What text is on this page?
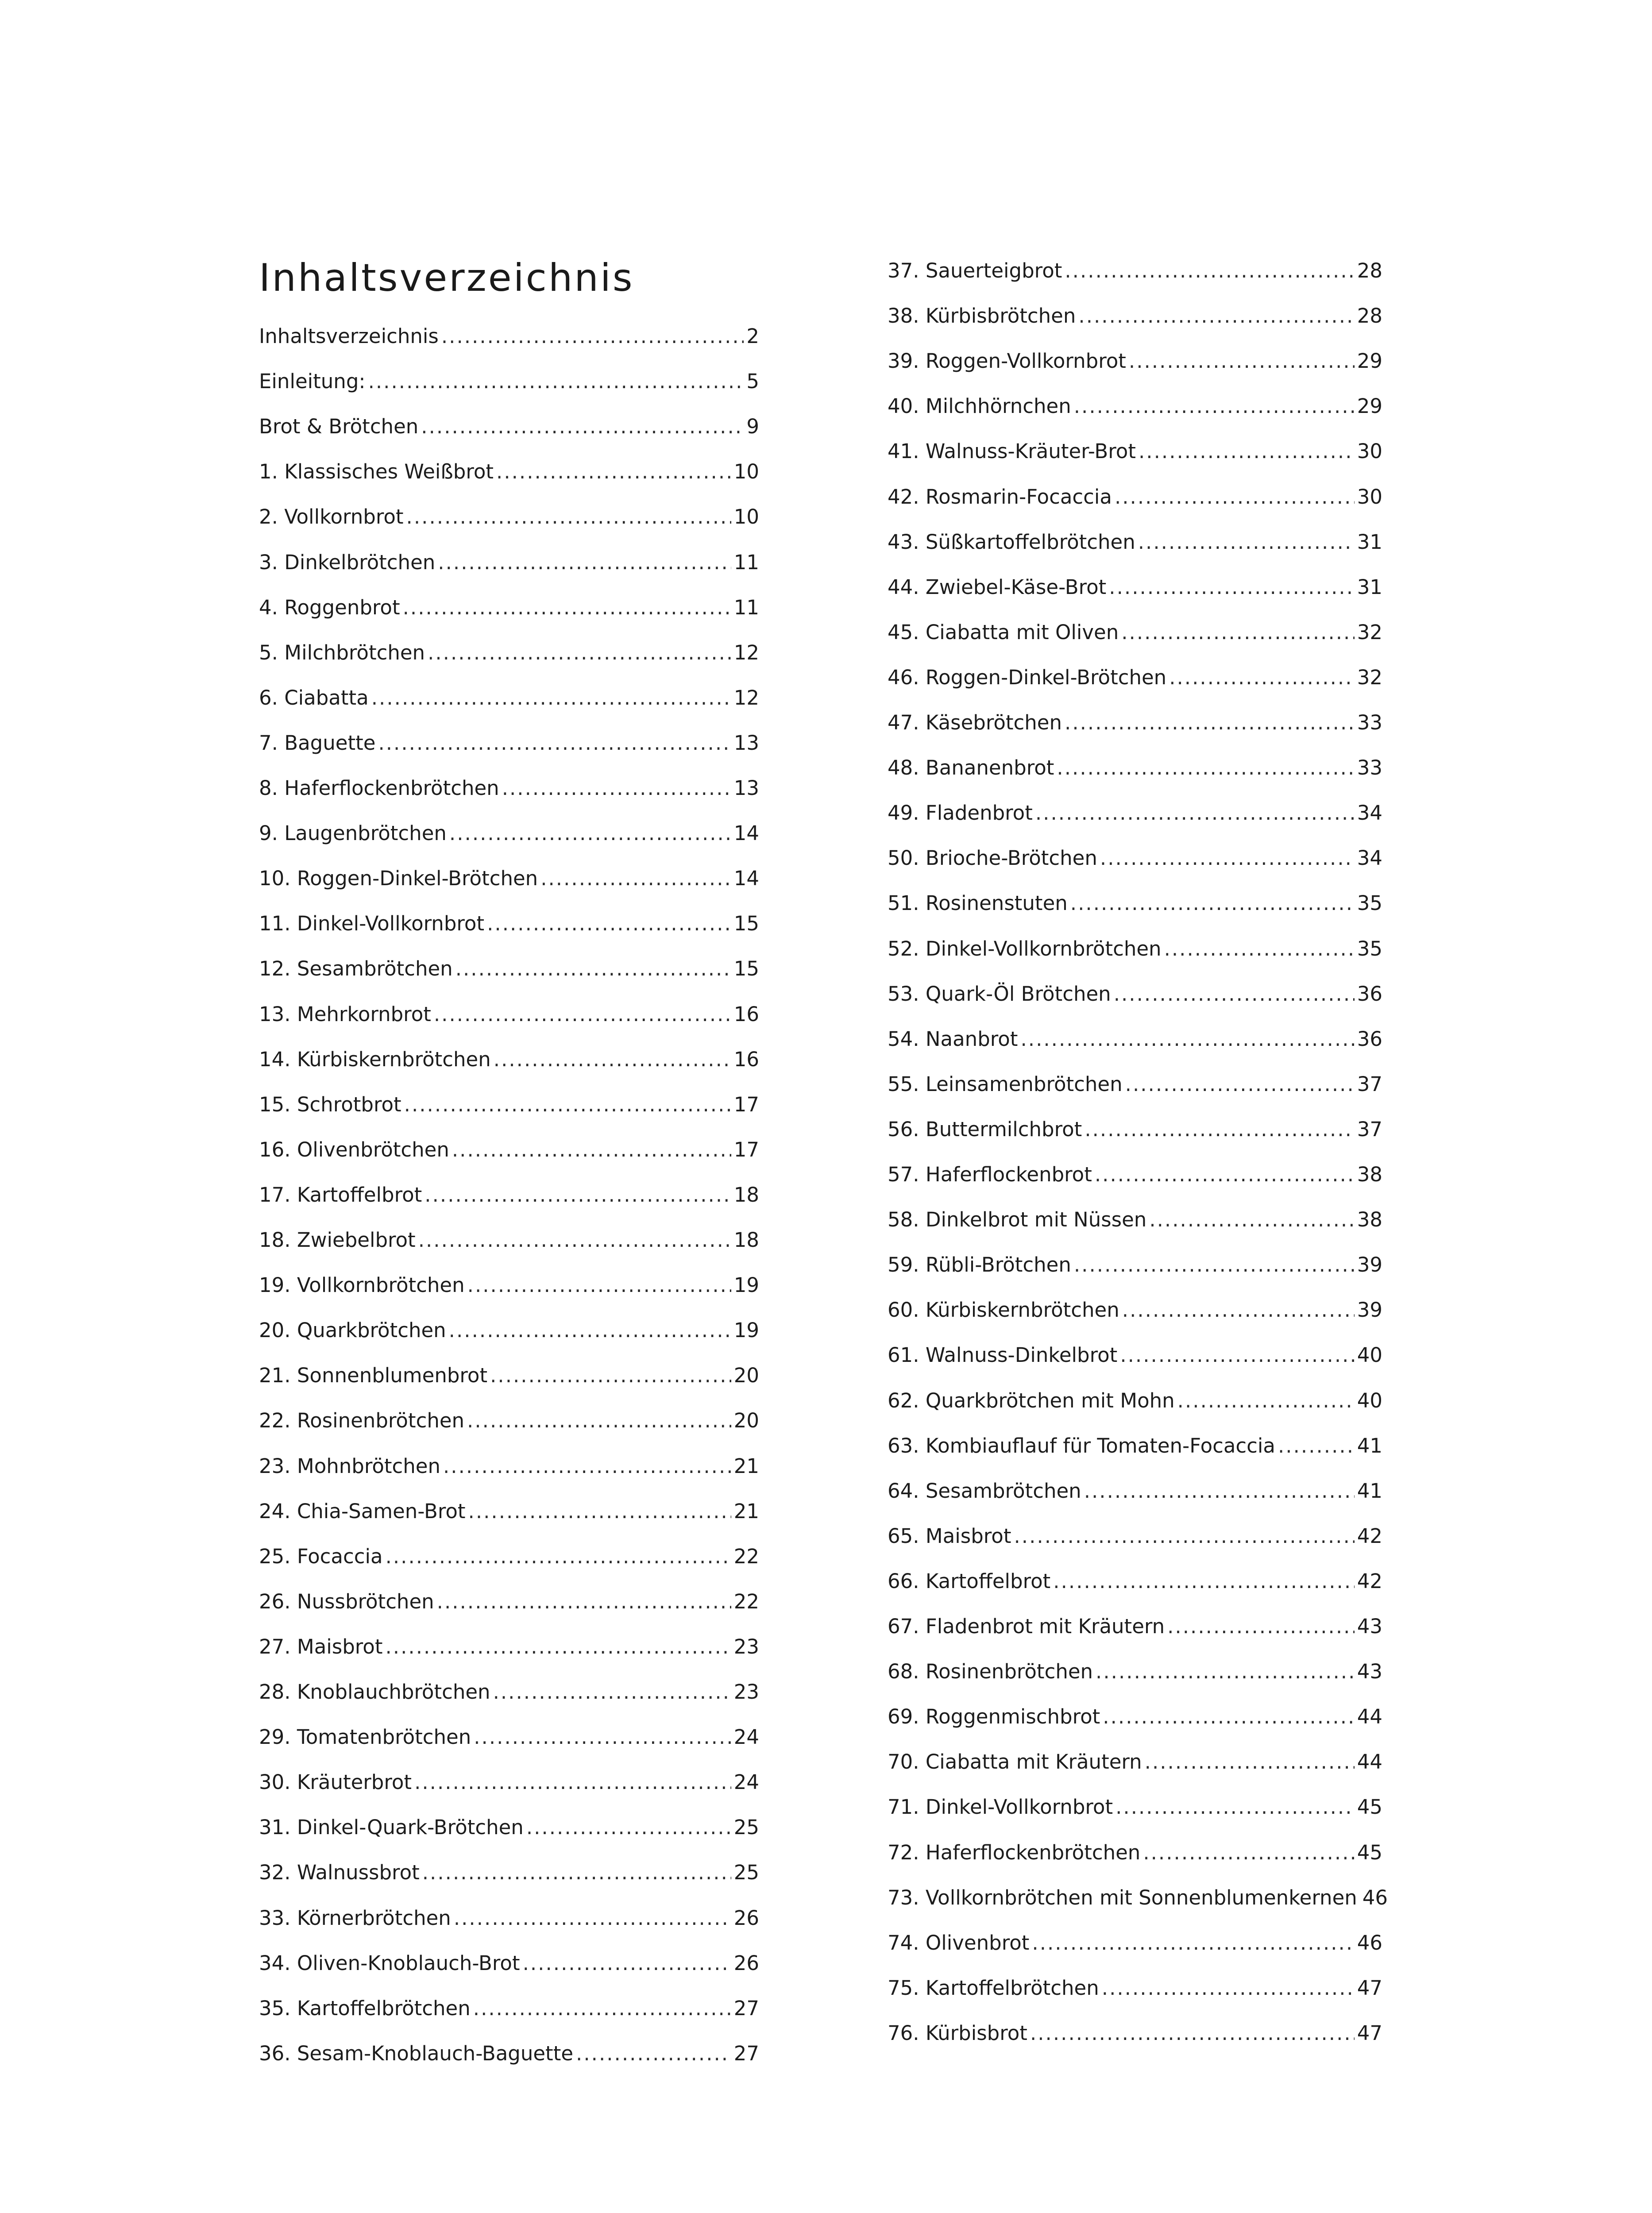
Inhaltsverzeichnis
Inhaltsverzeichnis .....	2
Einleitung: .....	5
Brot & Brötchen .....	9
1. Klassisches Weißbrot .....	10
2. Vollkornbrot .....	10
3. Dinkelbrötchen .....	11
4. Roggenbrot .....	11
5. Milchbrötchen .....	12
6. Ciabatta .....	12
7. Baguette .....	13
8. Haferflockenbrötchen .....	13
9. Laugenbrötchen .....	14
10. Roggen-Dinkel-Brötchen .....	14
11. Dinkel-Vollkornbrot .....	15
12. Sesambrötchen .....	15
13. Mehrkornbrot .....	16
14. Kürbiskernbrötchen .....	16
15. Schrotbrot .....	17
16. Olivenbrötchen .....	17
17. Kartoffelbrot .....	18
18. Zwiebelbrot .....	18
19. Vollkornbrötchen .....	19
20. Quarkbrötchen .....	19
21. Sonnenblumenbrot .....	20
22. Rosinenbrötchen .....	20
23. Mohnbrötchen .....	21
24. Chia-Samen-Brot .....	21
25. Focaccia .....	22
26. Nussbrötchen .....	22
27. Maisbrot .....	23
28. Knoblauchbrötchen .....	23
29. Tomatenbrötchen .....	24
30. Kräuterbrot .....	24
31. Dinkel-Quark-Brötchen .....	25
32. Walnussbrot .....	25
33. Körnerbrötchen .....	26
34. Oliven-Knoblauch-Brot .....	26
35. Kartoffelbrötchen .....	27
36. Sesam-Knoblauch-Baguette .....	27
37. Sauerteigbrot .....	28
38. Kürbisbrötchen .....	28
39. Roggen-Vollkornbrot .....	29
40. Milchhörnchen .....	29
41. Walnuss-Kräuter-Brot .....	30
42. Rosmarin-Focaccia .....	30
43. Süßkartoffelbrötchen .....	31
44. Zwiebel-Käse-Brot .....	31
45. Ciabatta mit Oliven .....	32
46. Roggen-Dinkel-Brötchen .....	32
47. Käsebrötchen .....	33
48. Bananenbrot .....	33
49. Fladenbrot .....	34
50. Brioche-Brötchen .....	34
51. Rosinenstuten .....	35
52. Dinkel-Vollkornbrötchen .....	35
53. Quark-Öl Brötchen .....	36
54. Naanbrot .....	36
55. Leinsamenbrötchen .....	37
56. Buttermilchbrot .....	37
57. Haferflockenbrot .....	38
58. Dinkelbrot mit Nüssen .....	38
59. Rübli-Brötchen .....	39
60. Kürbiskernbrötchen .....	39
61. Walnuss-Dinkelbrot .....	40
62. Quarkbrötchen mit Mohn .....	40
63. Kombiauflauf für Tomaten-Focaccia .....	41
64. Sesambrötchen .....	41
65. Maisbrot .....	42
66. Kartoffelbrot .....	42
67. Fladenbrot mit Kräutern .....	43
68. Rosinenbrötchen .....	43
69. Roggenmischbrot .....	44
70. Ciabatta mit Kräutern .....	44
71. Dinkel-Vollkornbrot .....	45
72. Haferflockenbrötchen .....	45
73. Vollkornbrötchen mit Sonnenblumenkernen 46
74. Olivenbrot .....	46
75. Kartoffelbrötchen .....	47
76. Kürbisbrot .....	47
